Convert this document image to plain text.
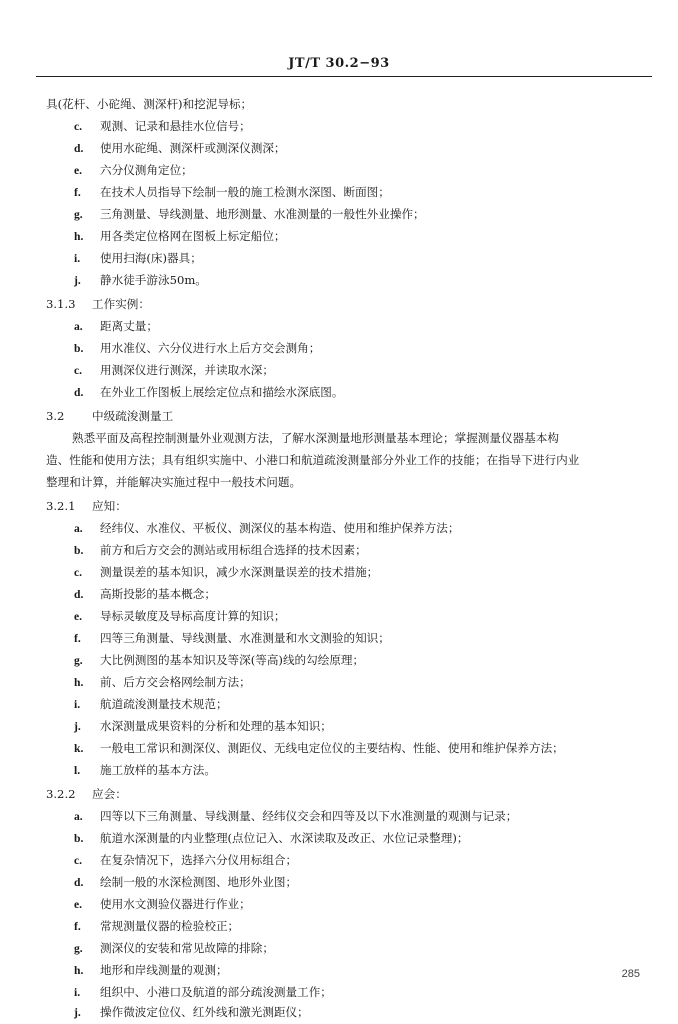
JT/T 30.2−93
具(花杆、小砣绳、测深杆)和挖泥导标；
c. 观测、记录和悬挂水位信号；
d. 使用水砣绳、测深杆或测深仪测深；
e. 六分仪测角定位；
f. 在技术人员指导下绘制一般的施工检测水深图、断面图；
g. 三角测量、导线测量、地形测量、水准测量的一般性外业操作；
h. 用各类定位格网在图板上标定船位；
i. 使用扫海(床)器具；
j. 静水徒手游泳50m。
3.1.3 工作实例：
a. 距离丈量；
b. 用水准仪、六分仪进行水上后方交会测角；
c. 用测深仪进行测深，并读取水深；
d. 在外业工作图板上展绘定位点和描绘水深底图。
3.2 中级疏浚测量工
熟悉平面及高程控制测量外业观测方法，了解水深测量地形测量基本理论；掌握测量仪器基本构
造、性能和使用方法；具有组织实施中、小港口和航道疏浚测量部分外业工作的技能；在指导下进行内业
整理和计算，并能解决实施过程中一般技术问题。
3.2.1 应知：
a. 经纬仪、水准仪、平板仪、测深仪的基本构造、使用和维护保养方法；
b. 前方和后方交会的测站或用标组合选择的技术因素；
c. 测量误差的基本知识，减少水深测量误差的技术措施；
d. 高斯投影的基本概念；
e. 导标灵敏度及导标高度计算的知识；
f. 四等三角测量、导线测量、水准测量和水文测验的知识；
g. 大比例测图的基本知识及等深(等高)线的勾绘原理；
h. 前、后方交会格网绘制方法；
i. 航道疏浚测量技术规范；
j. 水深测量成果资料的分析和处理的基本知识；
k. 一般电工常识和测深仪、测距仪、无线电定位仪的主要结构、性能、使用和维护保养方法；
l. 施工放样的基本方法。
3.2.2 应会：
a. 四等以下三角测量、导线测量、经纬仪交会和四等及以下水准测量的观测与记录；
b. 航道水深测量的内业整理(点位记入、水深读取及改正、水位记录整理)；
c. 在复杂情况下，选择六分仪用标组合；
d. 绘制一般的水深检测图、地形外业图；
e. 使用水文测验仪器进行作业；
f. 常规测量仪器的检验校正；
g. 测深仪的安装和常见故障的排除；
h. 地形和岸线测量的观测；
i. 组织中、小港口及航道的部分疏浚测量工作；
j. 操作微波定位仪、红外线和激光测距仪；
285
